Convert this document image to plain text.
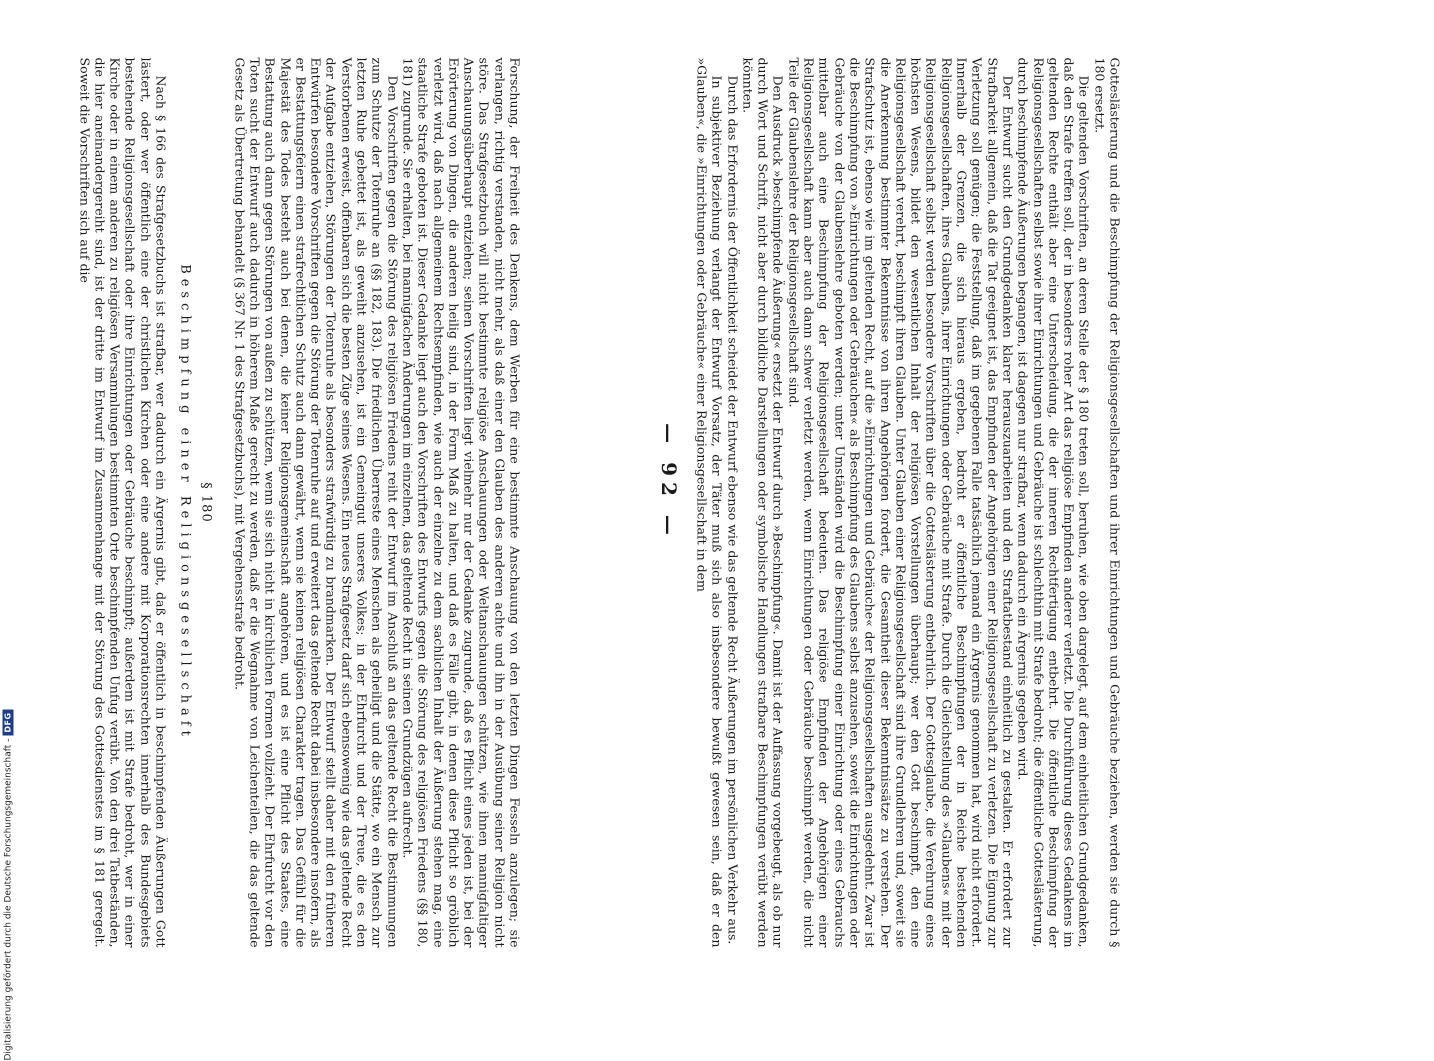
Forschung, der Freiheit des Denkens, dem Werben für eine bestimmte Anschauung von den letzten Dingen Fesseln anzulegen; sie verlangen, richtig verstanden, nicht mehr, als daß einer den Glauben des anderen achte und ihn in der Ausübung seiner Religion nicht störe. Das Strafgesetzbuch will nicht bestimmte religiöse Anschauungen oder Weltanschauungen schützen, wie ihnen mannigfaltiger Anschauungsüberhaupt entziehen; seinen Vorschriften liegt vielmehr nur der Gedanke zugrunde, daß es Pflicht eines jeden ist, bei der Erörterung von Dingen, die anderen heilig sind, in der Form Maß zu halten, und daß es Fälle gibt, in denen diese Pflicht so gröblich verletzt wird, daß nach allgemeinem Rechtsempfinden, wie auch der einzelne zu dem sachlichen Inhalt der Äußerung stehen mag, eine staatliche Strafe geboten ist. Dieser Gedanke liegt auch den Vorschriften des Entwurfs gegen die Störung des religiösen Friedens (§§ 180, 181) zugrunde. Sie erhalten, bei mannigfachen Änderungen im einzelnen, das geltende Recht in seinen Grundzügen aufrecht.

Den Vorschriften gegen die Störung des religiösen Friedens reiht der Entwurf im Anschluß an das geltende Recht die Bestimmungen zum Schutze der Totenruhe an (§§ 182, 183). Die friedlichen Überreste eines Menschen als geheiligt und die Stätte, wo ein Mensch zur letzten Ruhe gebettet ist, als geweiht anzusehen, ist ein Gemeingut unseres Volkes; in der Ehrfurcht und der Treue, die es den Verstorbenen erweist, offenbaren sich die besten Züge seines Wesens. Ein neues Strafgesetz darf sich ebensowenig wie das geltende Recht der Aufgabe entziehen, Störungen der Totenruhe als besonders strafwürdig zu brandmarken. Der Entwurf stellt daher mit den früheren Entwürfen besondere Vorschriften gegen die Störung der Totenruhe auf und erweitert das geltende Recht dabei insbesondere insofern, als er Bestattungsfeiern einen strafrechtlichen Schutz auch dann gewährt, wenn sie keinen religiösen Charakter tragen. Das Gefühl für die Majestät des Todes besteht auch bei denen, die keiner Religionsgemeinschaft angehören, und es ist eine Pflicht des Staates, eine Bestattung auch dann gegen Störungen von außen zu schützen, wenn sie sich nicht in kirchlichen Formen vollzieht. Der Ehrfurcht vor den Toten sucht der Entwurf auch dadurch in höherem Maße gerecht zu werden, daß er die Wegnahme von Leichenteilen, die das geltende Gesetz als Übertretung behandelt (§ 367 Nr. 1 des Strafgesetzbuchs), mit Vergehensstrafe bedroht.

§ 180
Beschimpfung einer Religionsgesellschaft

Nach § 166 des Strafgesetzbuchs ist strafbar, wer dadurch ein Ärgernis gibt, daß er öffentlich in beschimpfenden Äußerungen Gott lästert, oder wer öffentlich eine der christlichen Kirchen oder eine andere mit Korporationsrechten innerhalb des Bundesgebiets bestehende Religionsgesellschaft oder ihre Einrichtungen oder Gebräuche beschimpft; außerdem ist mit Strafe bedroht, wer in einer Kirche oder in einem anderen zu religiösen Versammlungen bestimmten Orte beschimpfenden Unfug verübt. Von den drei Tatbeständen, die hier aneinandergereiht sind, ist der dritte im Entwurf im Zusammenhange mit der Störung des Gottesdienstes im § 181 geregelt. Soweit die Vorschriften sich auf die	Gotteslästerung und die Beschimpfung der Religionsgesellschaften und ihrer Einrichtungen und Gebräuche beziehen, werden sie durch § 180 ersetzt.

Die geltenden Vorschriften, an deren Stelle der § 180 treten soll, beruhen, wie oben dargelegt, auf dem einheitlichen Grundgedanken, daß den Strafe treffen soll, der in besonders roher Art das religiöse Empfinden anderer verletzt. Die Durchführung dieses Gedankens im geltenden Rechte enthält aber eine Unterscheidung, die der inneren Rechtfertigung entbehrt. Die öffentliche Beschimpfung der Religionsgesellschaften selbst sowie ihrer Einrichtungen und Gebräuche ist schlechthin mit Strafe bedroht; die öffentliche Gotteslästerung, durch beschimpfende Äußerungen begangen, ist dagegen nur strafbar, wenn dadurch ein Ärgernis gegeben wird.

Der Entwurf sucht den Grundgedanken klarer herauszuarbeiten und den Straftatbestand einheitlich zu gestalten. Er erfordert zur Strafbarkeit allgemein, daß die Tat geeignet ist, das Empfinden der Angehörigen einer Religionsgesellschaft zu verletzen. Die Eignung zur Verletzung soll genügen; die Feststellung, daß im gegebenen Falle tatsächlich jemand ein Ärgernis genommen hat, wird nicht erfordert. Innerhalb der Grenzen, die sich hieraus ergeben, bedroht er öffentliche Beschimpfungen der in Reiche bestehenden Religionsgesellschaften, ihres Glaubens, ihrer Einrichtungen oder Gebräuche mit Strafe. Durch die Gleichstellung des »Glaubens« mit der Religionsgesellschaft selbst werden besondere Vorschriften über die Gotteslästerung entbehrlich. Der Gottesglaube, die Verehrung eines höchsten Wesens, bildet den wesentlichen Inhalt der religiösen Vorstellungen überhaupt; wer den Gott beschimpft, den eine Religionsgesellschaft verehrt, beschimpft ihren Glauben. Unter Glauben einer Religionsgesellschaft sind ihre Grundlehren und, soweit sie die Anerkennung bestimmter Bekenntnisse von ihren Angehörigen fordert, die Gesamtheit dieser Bekenntnissätze zu verstehen. Der Strafschutz ist, ebenso wie im geltenden Recht, auf die »Einrichtungen und Gebräuche« der Religionsgesellschaften ausgedehnt. Zwar ist die Beschimpfung von »Einrichtungen oder Gebräuchen« als Beschimpfung des Glaubens selbst anzusehen, soweit die Einrichtungen oder Gebräuche von der Glaubenslehre geboten werden; unter Umständen wird die Beschimpfung einer Einrichtung oder eines Gebrauchs mittelbar auch eine Beschimpfung der Religionsgesellschaft bedeuten. Das religiöse Empfinden der Angehörigen einer Religionsgesellschaft kann aber auch dann schwer verletzt werden, wenn Einrichtungen oder Gebräuche beschimpft werden, die nicht Teile der Glaubenslehre der Religionsgesellschaft sind.

Den Ausdruck »beschimpfende Äußerung« ersetzt der Entwurf durch »Beschimpfung«. Damit ist der Auffassung vorgebeugt, als ob nur durch Wort und Schrift, nicht aber durch bildliche Darstellungen oder symbolische Handlungen strafbare Beschimpfungen verübt werden könnten.

Durch das Erfordernis der Öffentlichkeit scheidet der Entwurf ebenso wie das geltende Recht Äußerungen im persönlichen Verkehr aus.

In subjektiver Beziehung verlangt der Entwurf Vorsatz, der Täter muß sich also insbesondere bewußt gewesen sein, daß er den »Glauben«, die »Einrichtungen oder Gebräuche« einer Religionsgesellschaft in dem

— 92 —
Digitalisierung gefördert durch die Deutsche Forschungsgemeinschaft -
DFG
